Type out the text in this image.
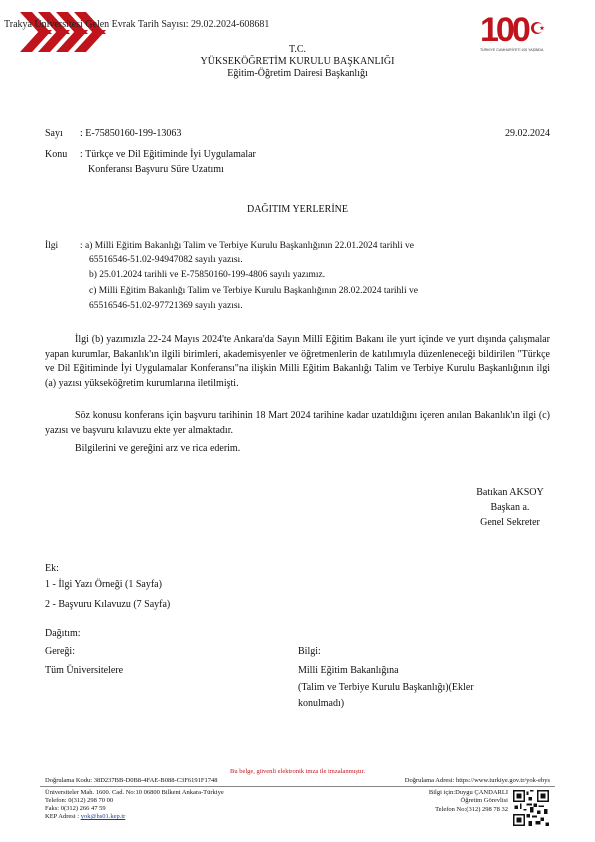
100
TÜRKİYE CUMHURİYETİ 100 YAŞINDA
Trakya Üniversitesi Gelen Evrak Tarih Sayısı: 29.02.2024-608681
T.C.
YÜKSEKÖĞRETİM KURULU BAŞKANLIĞI
Eğitim-Öğretim Dairesi Başkanlığı
Sayı : E-75850160-199-13063	29.02.2024
Konu : Türkçe ve Dil Eğitiminde İyi Uygulamalar
Konferansı Başvuru Süre Uzatımı
DAĞITIM YERLERİNE
İlgi : a) Milli Eğitim Bakanlığı Talim ve Terbiye Kurulu Başkanlığının 22.01.2024 tarihli ve
65516546-51.02-94947082 sayılı yazısı.
b) 25.01.2024 tarihli ve E-75850160-199-4806 sayılı yazımız.
c) Milli Eğitim Bakanlığı Talim ve Terbiye Kurulu Başkanlığının 28.02.2024 tarihli ve
65516546-51.02-97721369 sayılı yazısı.
İlgi (b) yazımızla 22-24 Mayıs 2024'te Ankara'da Sayın Millî Eğitim Bakanı ile yurt içinde ve yurt dışında çalışmalar yapan kurumlar, Bakanlık'ın ilgili birimleri, akademisyenler ve öğretmenlerin de katılımıyla düzenleneceği bildirilen "Türkçe ve Dil Eğitiminde İyi Uygulamalar Konferansı"na ilişkin Milli Eğitim Bakanlığı Talim ve Terbiye Kurulu Başkanlığının ilgi (a) yazısı yükseköğretim kurumlarına iletilmişti.
Söz konusu konferans için başvuru tarihinin 18 Mart 2024 tarihine kadar uzatıldığını içeren anılan Bakanlık'ın ilgi (c) yazısı ve başvuru kılavuzu ekte yer almaktadır.
Bilgilerini ve gereğini arz ve rica ederim.
Batıkan AKSOY
Başkan a.
Genel Sekreter
Ek:
1 - İlgi Yazı Örneği (1 Sayfa)
2 - Başvuru Kılavuzu (7 Sayfa)
Dağıtım:
Gereği:
Tüm Üniversitelere
Bilgi:
Milli Eğitim Bakanlığına
(Talim ve Terbiye Kurulu Başkanlığı)(Ekler
konulmadı)
Bu belge, güvenli elektronik imza ile imzalanmıştır.
Doğrulama Kodu: 38D237BB-D0B8-4FAE-B088-C3F6191F1748	Doğrulama Adresi: https://www.turkiye.gov.tr/yok-ebys
Üniversiteler Mah. 1600. Cad. No:10 06800 Bilkent Ankara-Türkiye
Telefon: 0(312) 298 70 00
Faks: 0(312) 266 47 59
KEP Adresi : yok@hs01.kep.tr
Bilgi için:Duygu ÇANDARLI
Öğretim Görevlisi
Telefon No:(312) 298 78 32
